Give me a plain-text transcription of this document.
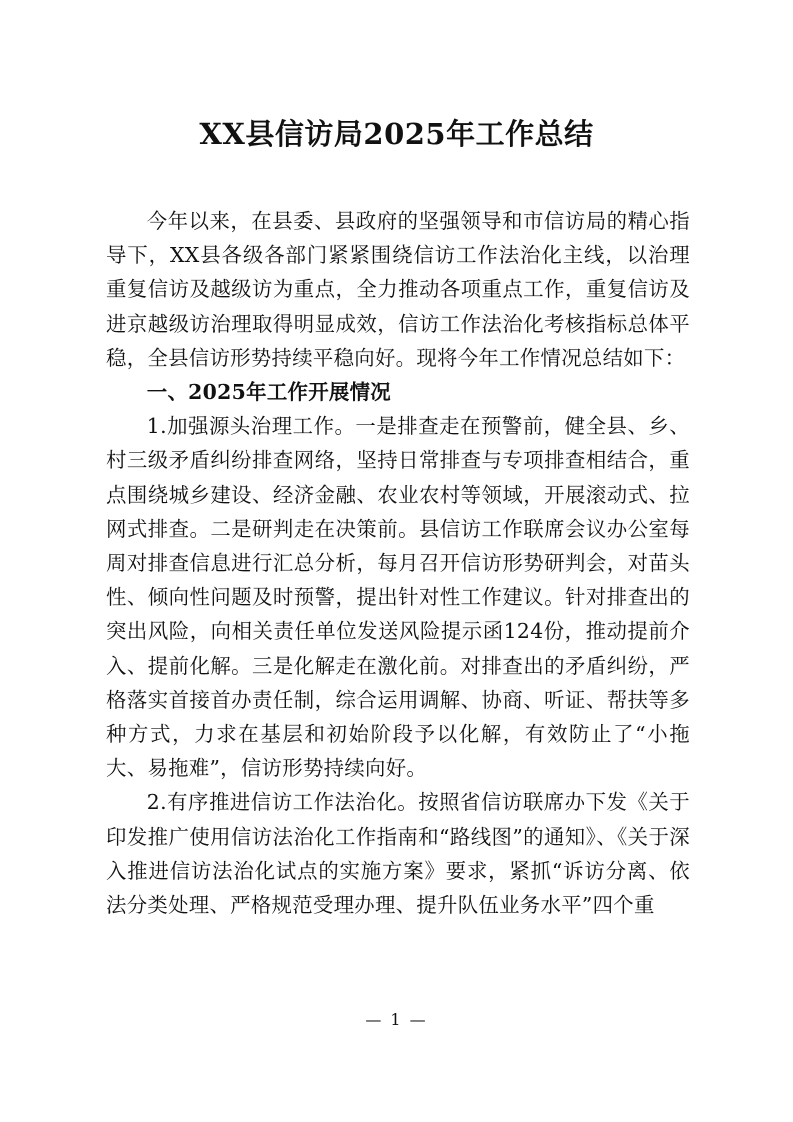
XX县信访局2025年工作总结

今年以来，在县委、县政府的坚强领导和市信访局的精心指导下，XX县各级各部门紧紧围绕信访工作法治化主线，以治理重复信访及越级访为重点，全力推动各项重点工作，重复信访及进京越级访治理取得明显成效，信访工作法治化考核指标总体平稳，全县信访形势持续平稳向好。现将今年工作情况总结如下：

一、2025年工作开展情况

1.加强源头治理工作。一是排查走在预警前，健全县、乡、村三级矛盾纠纷排查网络，坚持日常排查与专项排查相结合，重点围绕城乡建设、经济金融、农业农村等领域，开展滚动式、拉网式排查。二是研判走在决策前。县信访工作联席会议办公室每周对排查信息进行汇总分析，每月召开信访形势研判会，对苗头性、倾向性问题及时预警，提出针对性工作建议。针对排查出的突出风险，向相关责任单位发送风险提示函124份，推动提前介入、提前化解。三是化解走在激化前。对排查出的矛盾纠纷，严格落实首接首办责任制，综合运用调解、协商、听证、帮扶等多种方式，力求在基层和初始阶段予以化解，有效防止了“小拖大、易拖难”，信访形势持续向好。

2.有序推进信访工作法治化。按照省信访联席办下发《关于印发推广使用信访法治化工作指南和“路线图”的通知》、《关于深入推进信访法治化试点的实施方案》要求，紧抓“诉访分离、依法分类处理、严格规范受理办理、提升队伍业务水平”四个重

— 1 —
